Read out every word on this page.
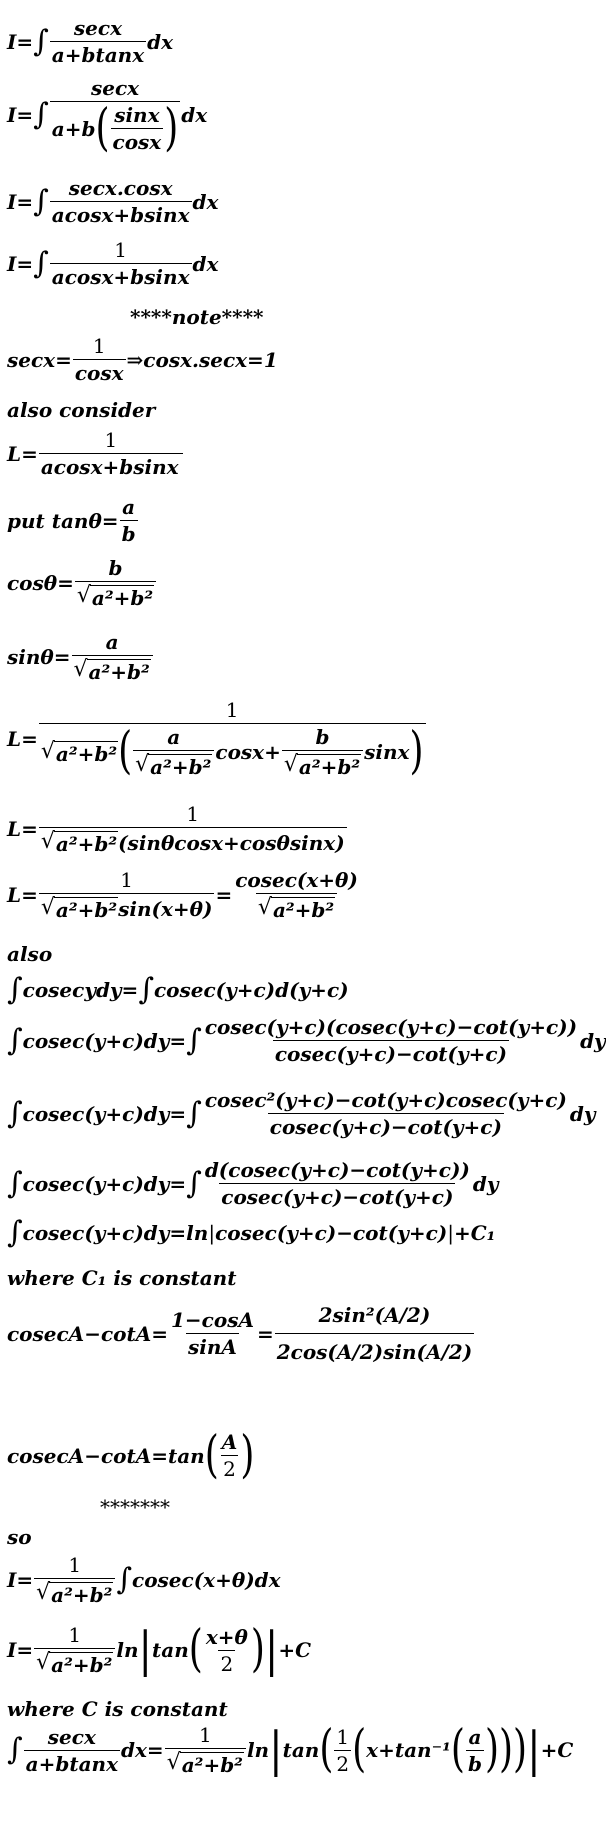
I= ∫ $\frac{\sec x}{a+btanx}$ dx
I= ∫ $\frac{\sec x}{a+b ( \frac{\sin x}{\cos x} )}$ dx
I= ∫ $\frac{\sec x.\cos x}{acosx+bsinx}$ dx
I= ∫ $\frac{1}{acosx+bsinx}$ dx
****note****
$\sec x= \frac{1}{\cos x}$ ⇒cosx.secx=1
also consider
$L= \frac{1}{acosx+bsinx}$
put $\tan\theta= \frac{a}{b}$
$\cos\theta= \frac{b}{\text{√ a²+b²}}$
$\sin\theta= \frac{a}{\text{√ a²+b²}}$
L=
1
√ a²+b² ( $\frac{a}{\text{√ a²+b²}} \cos x+ \frac{b}{\text{√ a²+b²}}$ sinx )
$L= \frac{1}{\text{√ a²+b² (sinθcosx+cosθsinx)}}$
$L= \frac{1}{\text{√ a²+b² sin(x+θ)}} = \frac{cosec(x+\theta)}{\text{√ a²+b²}}$
also
∫ cosecydy= ∫ cosec(y+c)d(y+c)
∫ cosec(y+c)dy= ∫ $\frac{cosec(y+c)(cosec(y+c)-\cot(y+c))}{cosec(y+c)-\cot(y+c)}$ dy
∫ cosec(y+c)dy= ∫ $\frac{\text{cosec²(y+c)−cot(y+c)cosec(y+c)}}{cosec(y+c)-\cot(y+c)}$ dy
∫ cosec(y+c)dy= ∫ $\frac{d(cosec(y+c)-\cot(y+c))}{cosec(y+c)-\cot(y+c)}$ dy
∫ cosec(y+c)dy=ln | cosec(y+c)−cot(y+c) | +C₁
where C₁ is constant
$cosecA-\cot A= \frac{1-\cos A}{\sin A} = \frac{\text{2sin²(A/2)}}{2\cos(A/2)\sin(A/2)}$
cosecA−cotA=tan ( $\frac{A}{2}$ )
*******
so
$I= \frac{1}{\text{√ a²+b²}}$ ∫ cosec(x+θ)dx
$I= \frac{1}{\text{√ a²+b²}}$ ln | tan ( $\frac{x+\theta}{2}$ ) | +C
where C is constant
∫ $\frac{\sec x}{a+btanx} dx= \frac{1}{\text{√ a²+b²}}$ ln | tan ( $\frac{1}{2}$ ( x+tan⁻¹ ( $\frac{a}{b}$ ))) | +C
